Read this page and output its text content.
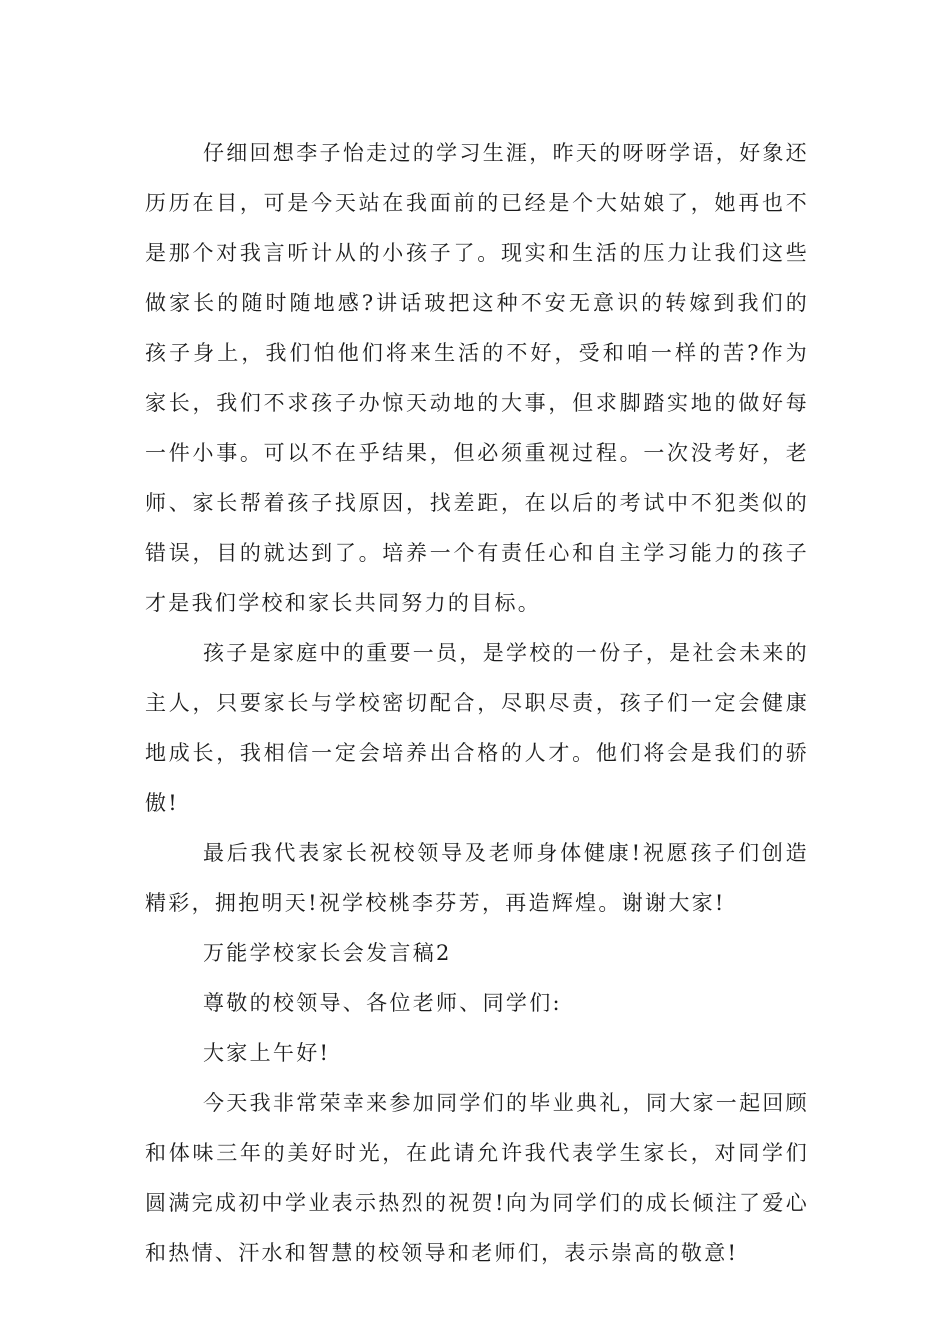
仔细回想李子怡走过的学习生涯，昨天的呀呀学语，好象还历历在目，可是今天站在我面前的已经是个大姑娘了，她再也不是那个对我言听计从的小孩子了。现实和生活的压力让我们这些做家长的随时随地感?讲话玻把这种不安无意识的转嫁到我们的孩子身上，我们怕他们将来生活的不好，受和咱一样的苦?作为家长，我们不求孩子办惊天动地的大事，但求脚踏实地的做好每一件小事。可以不在乎结果，但必须重视过程。一次没考好，老师、家长帮着孩子找原因，找差距，在以后的考试中不犯类似的错误，目的就达到了。培养一个有责任心和自主学习能力的孩子才是我们学校和家长共同努力的目标。

孩子是家庭中的重要一员，是学校的一份子，是社会未来的主人，只要家长与学校密切配合，尽职尽责，孩子们一定会健康地成长，我相信一定会培养出合格的人才。他们将会是我们的骄傲!

最后我代表家长祝校领导及老师身体健康!祝愿孩子们创造精彩，拥抱明天!祝学校桃李芬芳，再造辉煌。谢谢大家!

万能学校家长会发言稿2

尊敬的校领导、各位老师、同学们:

大家上午好!

今天我非常荣幸来参加同学们的毕业典礼，同大家一起回顾和体味三年的美好时光，在此请允许我代表学生家长，对同学们圆满完成初中学业表示热烈的祝贺!向为同学们的成长倾注了爱心和热情、汗水和智慧的校领导和老师们，表示崇高的敬意!
